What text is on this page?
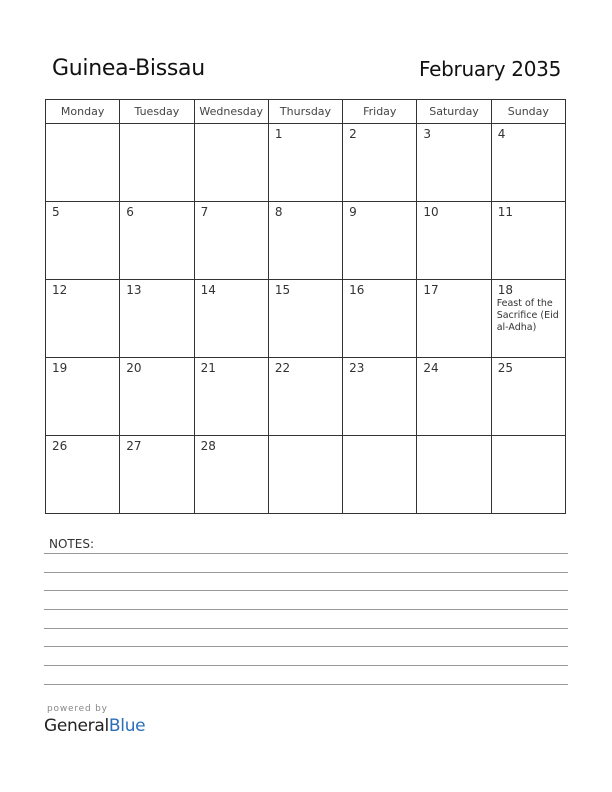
Guinea-Bissau	February 2035
Monday	Tuesday	Wednesday	Thursday	Friday	Saturday	Sunday

			1	2	3	4

5	6	7	8	9	10	11

12	13	14	15	16	17	18
Feast of the Sacrifice (Eid al-Adha)

19	20	21	22	23	24	25

26	27	28				

NOTES:
powered by
GeneralBlue
